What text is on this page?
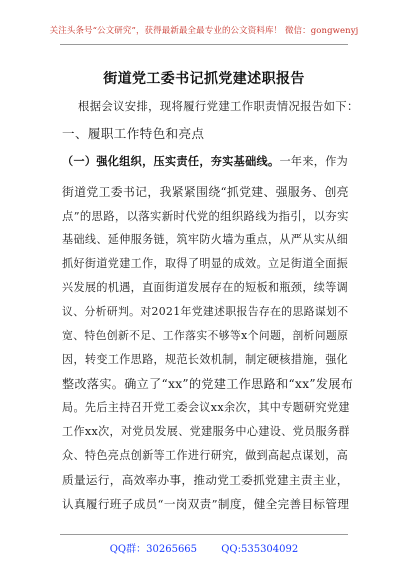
关注头条号“公文研究”，获得最新最全最专业的公文资料库！ 微信：gongwenyj
街道党工委书记抓党建述职报告
根据会议安排，现将履行党建工作职责情况报告如下：
一、履职工作特色和亮点
（一）强化组织，压实责任，夯实基础线。一年来，作为
街道党工委书记，我紧紧围绕“抓党建、强服务、创亮
点”的思路，以落实新时代党的组织路线为指引，以夯实
基础线、延伸服务链，筑牢防火墙为重点，从严从实从细
抓好街道党建工作，取得了明显的成效。立足街道全面振
兴发展的机遇，直面街道发展存在的短板和瓶颈，续等调
议、分析研判。对2021年党建述职报告存在的思路谋划不
宽、特色创新不足、工作落实不够等x个问题，剖析问题原
因，转变工作思路，规范长效机制，制定硬核措施，强化
整改落实。确立了“xx”的党建工作思路和“xx”发展布
局。先后主持召开党工委会议xx余次，其中专题研究党建
工作xx次，对党员发展、党建服务中心建设、党员服务群
众、特色亮点创新等工作进行研究，做到高起点谋划，高
质量运行，高效率办事，推动党工委抓党建主责主业，
认真履行班子成员“一岗双责”制度，健全完善目标管理
QQ群：30265665 QQ:535304092
